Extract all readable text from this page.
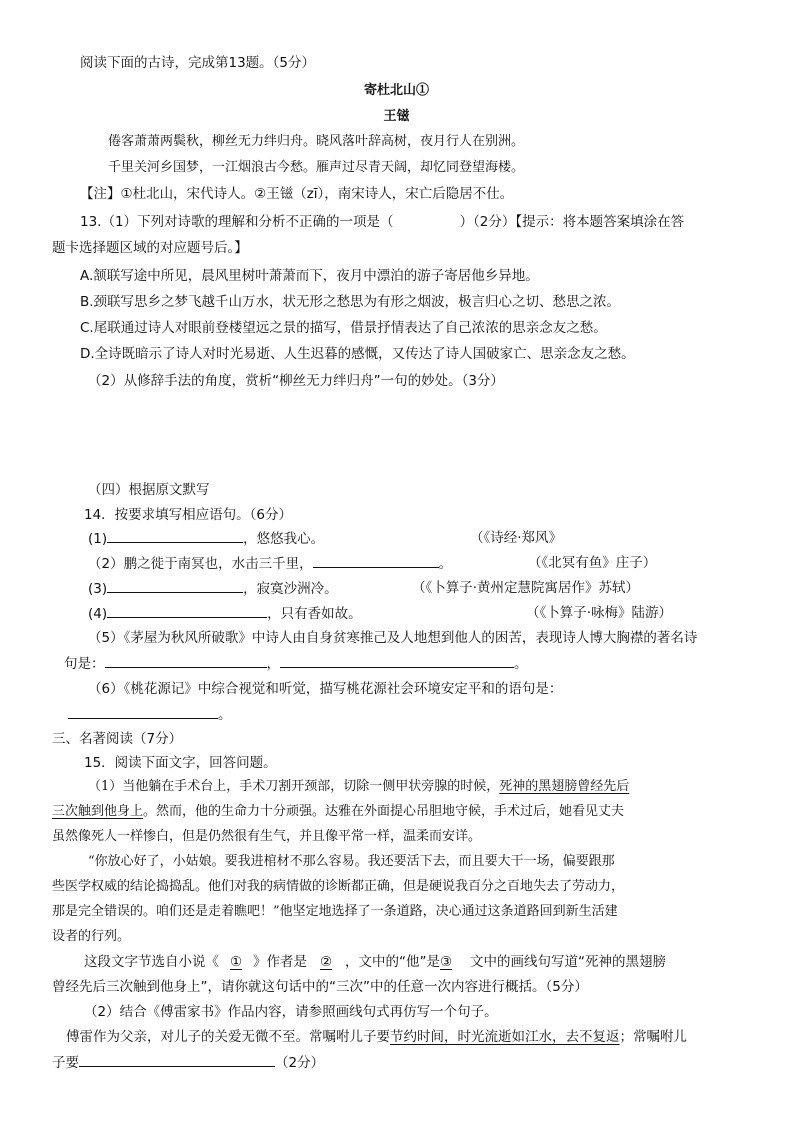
阅读下面的古诗，完成第13题。（5分）
寄杜北山①
王镃
倦客萧萧两鬓秋，柳丝无力绊归舟。晓风落叶辞高树，夜月行人在别洲。
千里关河乡国梦，一江烟浪古今愁。雁声过尽青天阔，却忆同登望海楼。
【注】①杜北山，宋代诗人。②王镃（zī），南宋诗人，宋亡后隐居不仕。
13.（1）下列对诗歌的理解和分析不正确的一项是（	）（2分）【提示：将本题答案填涂在答
题卡选择题区域的对应题号后。】
A.颔联写途中所见，晨风里树叶萧萧而下，夜月中漂泊的游子寄居他乡异地。
B.颈联写思乡之梦飞越千山万水，状无形之愁思为有形之烟波，极言归心之切、愁思之浓。
C.尾联通过诗人对眼前登楼望远之景的描写，借景抒情表达了自己浓浓的思亲念友之愁。
D.全诗既暗示了诗人对时光易逝、人生迟暮的感慨，又传达了诗人国破家亡、思亲念友之愁。
（2）从修辞手法的角度，赏析“柳丝无力绊归舟”一句的妙处。（3分）
（四）根据原文默写
14．按要求填写相应语句。（6分）
(1)	，悠悠我心。	（《诗经·郑风》
（2）鹏之徙于南冥也，水击三千里，	。	（《北冥有鱼》庄子）
(3)	，寂寞沙洲冷。	（《卜算子·黄州定慧院寓居作》苏轼）
(4)	，只有香如故。	（《卜算子·咏梅》陆游）
（5）《茅屋为秋风所破歌》中诗人由自身贫寒推己及人地想到他人的困苦，表现诗人博大胸襟的著名诗
句是：	，	。
（6）《桃花源记》中综合视觉和听觉，描写桃花源社会环境安定平和的语句是：
。
三、名著阅读（7分）
15．阅读下面文字，回答问题。
（1）当他躺在手术台上，手术刀割开颈部，切除一侧甲状旁腺的时候，死神的黑翅膀曾经先后
三次触到他身上。然而，他的生命力十分顽强。达雅在外面提心吊胆地守候，手术过后，她看见丈夫
虽然像死人一样惨白，但是仍然很有生气，并且像平常一样，温柔而安详。
“你放心好了，小姑娘。要我进棺材不那么容易。我还要活下去，而且要大干一场，偏要跟那
些医学权威的结论捣捣乱。他们对我的病情做的诊断都正确，但是硬说我百分之百地失去了劳动力，
那是完全错误的。咱们还是走着瞧吧！”他坚定地选择了一条道路，决心通过这条道路回到新生活建
设者的行列。
这段文字节选自小说《 ① 》作者是 ② ，文中的“他”是③ 文中的画线句写道“死神的黑翅膀
曾经先后三次触到他身上”，请你就这句话中的“三次”中的任意一次内容进行概括。（5分）
（2）结合《傅雷家书》作品内容，请参照画线句式再仿写一个句子。
傅雷作为父亲，对儿子的关爱无微不至。常嘱咐儿子要节约时间，时光流逝如江水，去不复返；常嘱咐儿
子要	（2分）
